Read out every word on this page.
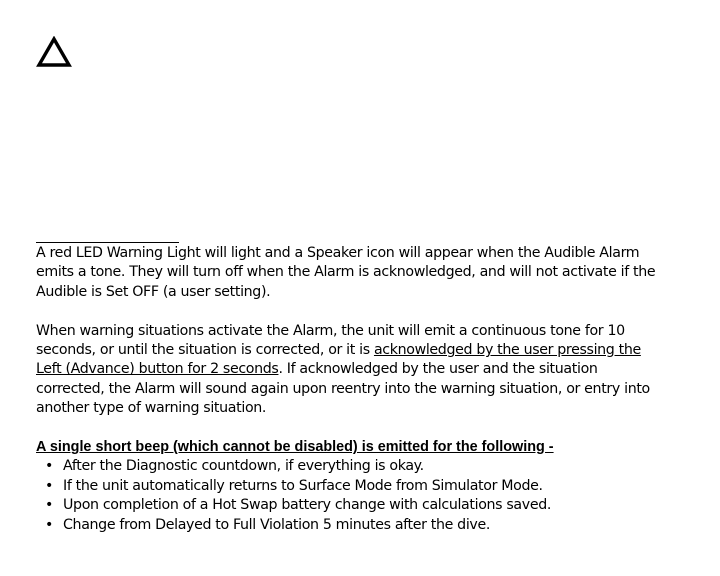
A red LED Warning Light will light and a Speaker icon will appear when the Audible Alarm emits a tone. They will turn off when the Alarm is acknowledged, and will not activate if the Audible is Set OFF (a user setting).

When warning situations activate the Alarm, the unit will emit a continuous tone for 10 seconds, or until the situation is corrected, or it is acknowledged by the user pressing the Left (Advance) button for 2 seconds. If acknowledged by the user and the situation corrected, the Alarm will sound again upon reentry into the warning situation, or entry into another type of warning situation.

A single short beep (which cannot be disabled) is emitted for the following -

• After the Diagnostic countdown, if everything is okay.
• If the unit automatically returns to Surface Mode from Simulator Mode.
• Upon completion of a Hot Swap battery change with calculations saved.
• Change from Delayed to Full Violation 5 minutes after the dive.
